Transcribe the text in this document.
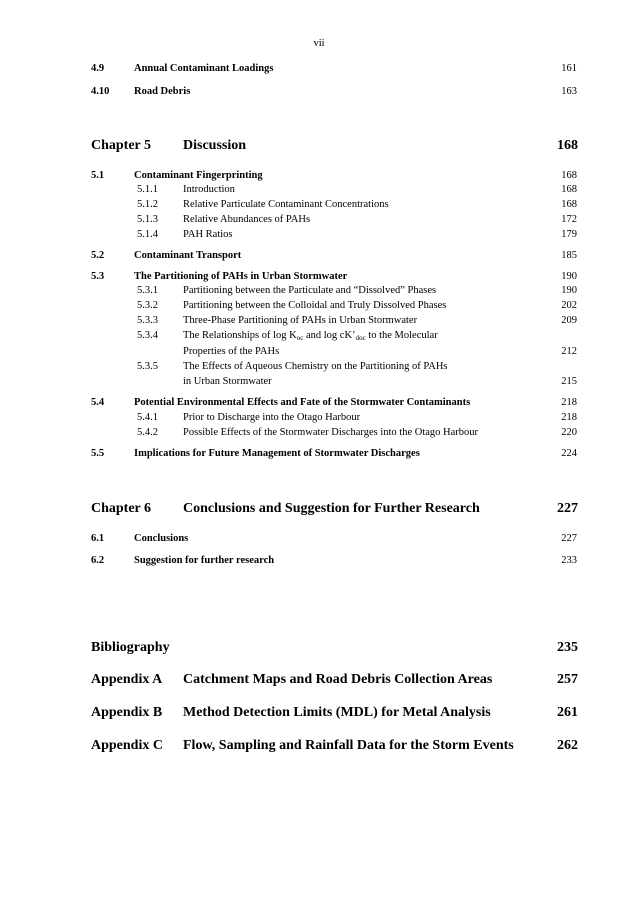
vii
4.9	Annual Contaminant Loadings	161
4.10 Road Debris	163
Chapter 5 Discussion	168
5.1	Contaminant Fingerprinting	168
5.1.1 Introduction	168
5.1.2 Relative Particulate Contaminant Concentrations	168
5.1.3 Relative Abundances of PAHs	172
5.1.4 PAH Ratios	179
5.2	Contaminant Transport	185
5.3	The Partitioning of PAHs in Urban Stormwater	190
5.3.1 Partitioning between the Particulate and “Dissolved” Phases	190
5.3.2 Partitioning between the Colloidal and Truly Dissolved Phases	202
5.3.3 Three-Phase Partitioning of PAHs in Urban Stormwater	209
5.3.4 The Relationships of $\log K_{oc}$ and $\log cK’_{doc}$ to the Molecular
Properties of the PAHs	212
5.3.5 The Effects of Aqueous Chemistry on the Partitioning of PAHs
in Urban Stormwater	215
5.4	Potential Environmental Effects and Fate of the Stormwater Contaminants	218
5.4.1 Prior to Discharge into the Otago Harbour	218
5.4.2 Possible Effects of the Stormwater Discharges into the Otago Harbour	220
5.5	Implications for Future Management of Stormwater Discharges	224
Chapter 6 Conclusions and Suggestion for Further Research	227
6.1	Conclusions	227
6.2	Suggestion for further research	233
Bibliography	235
Appendix A Catchment Maps and Road Debris Collection Areas	257
Appendix B Method Detection Limits (MDL) for Metal Analysis	261
Appendix C Flow, Sampling and Rainfall Data for the Storm Events	262
